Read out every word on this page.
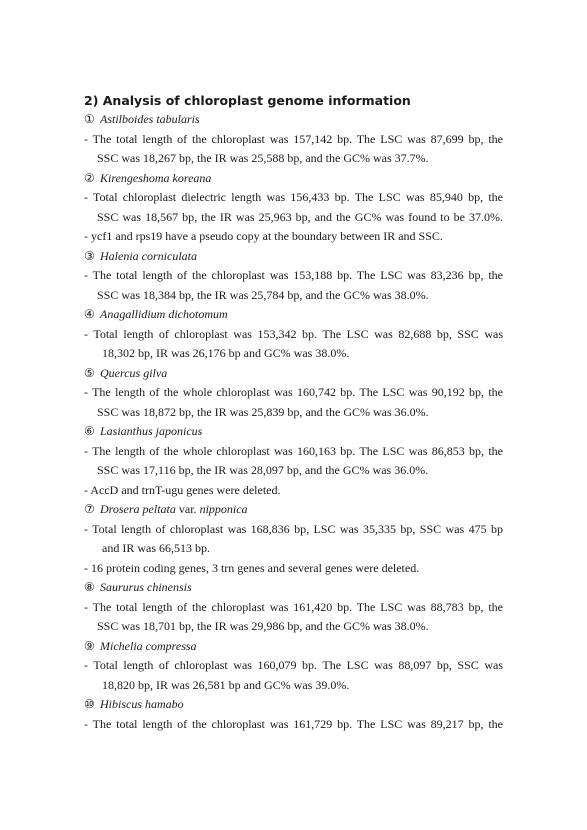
2) Analysis of chloroplast genome information
① Astilboides tabularis
- The total length of the chloroplast was 157,142 bp. The LSC was 87,699 bp, the
SSC was 18,267 bp, the IR was 25,588 bp, and the GC% was 37.7%.
② Kirengeshoma koreana
- Total chloroplast dielectric length was 156,433 bp. The LSC was 85,940 bp, the
SSC was 18,567 bp, the IR was 25,963 bp, and the GC% was found to be 37.0%.
- ycf1 and rps19 have a pseudo copy at the boundary between IR and SSC.
③ Halenia corniculata
- The total length of the chloroplast was 153,188 bp. The LSC was 83,236 bp, the
SSC was 18,384 bp, the IR was 25,784 bp, and the GC% was 38.0%.
④ Anagallidium dichotomum
- Total length of chloroplast was 153,342 bp. The LSC was 82,688 bp, SSC was
18,302 bp, IR was 26,176 bp and GC% was 38.0%.
⑤ Quercus gilva
- The length of the whole chloroplast was 160,742 bp. The LSC was 90,192 bp, the
SSC was 18,872 bp, the IR was 25,839 bp, and the GC% was 36.0%.
⑥ Lasianthus japonicus
- The length of the whole chloroplast was 160,163 bp. The LSC was 86,853 bp, the
SSC was 17,116 bp, the IR was 28,097 bp, and the GC% was 36.0%.
- AccD and trnT-ugu genes were deleted.
⑦ Drosera peltata var. nipponica
- Total length of chloroplast was 168,836 bp, LSC was 35,335 bp, SSC was 475 bp
and IR was 66,513 bp.
- 16 protein coding genes, 3 trn genes and several genes were deleted.
⑧ Saururus chinensis
- The total length of the chloroplast was 161,420 bp. The LSC was 88,783 bp, the
SSC was 18,701 bp, the IR was 29,986 bp, and the GC% was 38.0%.
⑨ Michelia compressa
- Total length of chloroplast was 160,079 bp. The LSC was 88,097 bp, SSC was
18,820 bp, IR was 26,581 bp and GC% was 39.0%.
⑩ Hibiscus hamabo
- The total length of the chloroplast was 161,729 bp. The LSC was 89,217 bp, the
